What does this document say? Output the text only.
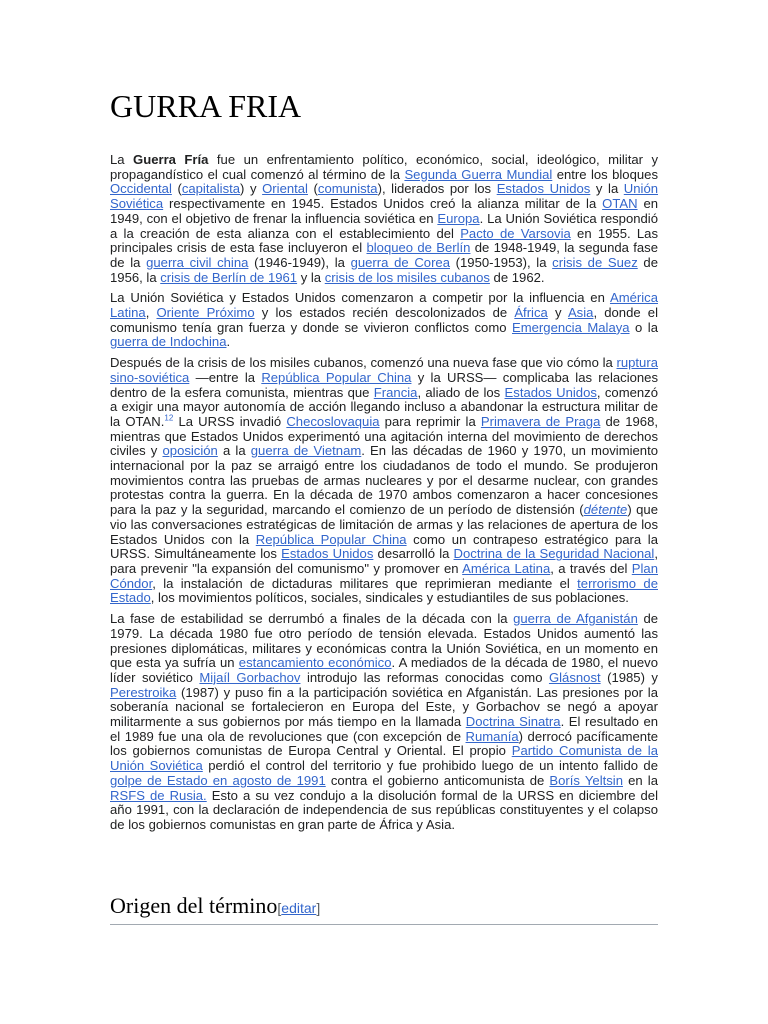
GURRA FRIA

La Guerra Fría fue un enfrentamiento político, económico, social, ideológico, militar y propagandístico el cual comenzó al término de la Segunda Guerra Mundial entre los bloques Occidental (capitalista) y Oriental (comunista), liderados por los Estados Unidos y la Unión Soviética respectivamente en 1945. Estados Unidos creó la alianza militar de la OTAN en 1949, con el objetivo de frenar la influencia soviética en Europa. La Unión Soviética respondió a la creación de esta alianza con el establecimiento del Pacto de Varsovia en 1955. Las principales crisis de esta fase incluyeron el bloqueo de Berlín de 1948-1949, la segunda fase de la guerra civil china (1946-1949), la guerra de Corea (1950-1953), la crisis de Suez de 1956, la crisis de Berlín de 1961 y la crisis de los misiles cubanos de 1962.

La Unión Soviética y Estados Unidos comenzaron a competir por la influencia en América Latina, Oriente Próximo y los estados recién descolonizados de África y Asia, donde el comunismo tenía gran fuerza y donde se vivieron conflictos como Emergencia Malaya o la guerra de Indochina.

Después de la crisis de los misiles cubanos, comenzó una nueva fase que vio cómo la ruptura sino-soviética —entre la República Popular China y la URSS— complicaba las relaciones dentro de la esfera comunista, mientras que Francia, aliado de los Estados Unidos, comenzó a exigir una mayor autonomía de acción llegando incluso a abandonar la estructura militar de la OTAN.$^{12}$ La URSS invadió Checoslovaquia para reprimir la Primavera de Praga de 1968, mientras que Estados Unidos experimentó una agitación interna del movimiento de derechos civiles y oposición a la guerra de Vietnam. En las décadas de 1960 y 1970, un movimiento internacional por la paz se arraigó entre los ciudadanos de todo el mundo. Se produjeron movimientos contra las pruebas de armas nucleares y por el desarme nuclear, con grandes protestas contra la guerra. En la década de 1970 ambos comenzaron a hacer concesiones para la paz y la seguridad, marcando el comienzo de un período de distensión (détente) que vio las conversaciones estratégicas de limitación de armas y las relaciones de apertura de los Estados Unidos con la República Popular China como un contrapeso estratégico para la URSS. Simultáneamente los Estados Unidos desarrolló la Doctrina de la Seguridad Nacional, para prevenir "la expansión del comunismo" y promover en América Latina, a través del Plan Cóndor, la instalación de dictaduras militares que reprimieran mediante el terrorismo de Estado, los movimientos políticos, sociales, sindicales y estudiantiles de sus poblaciones.

La fase de estabilidad se derrumbó a finales de la década con la guerra de Afganistán de 1979. La década 1980 fue otro período de tensión elevada. Estados Unidos aumentó las presiones diplomáticas, militares y económicas contra la Unión Soviética, en un momento en que esta ya sufría un estancamiento económico. A mediados de la década de 1980, el nuevo líder soviético Mijaíl Gorbachov introdujo las reformas conocidas como Glásnost (1985) y Perestroika (1987) y puso fin a la participación soviética en Afganistán. Las presiones por la soberanía nacional se fortalecieron en Europa del Este, y Gorbachov se negó a apoyar militarmente a sus gobiernos por más tiempo en la llamada Doctrina Sinatra. El resultado en el 1989 fue una ola de revoluciones que (con excepción de Rumanía) derrocó pacíficamente los gobiernos comunistas de Europa Central y Oriental. El propio Partido Comunista de la Unión Soviética perdió el control del territorio y fue prohibido luego de un intento fallido de golpe de Estado en agosto de 1991 contra el gobierno anticomunista de Borís Yeltsin en la RSFS de Rusia. Esto a su vez condujo a la disolución formal de la URSS en diciembre del año 1991, con la declaración de independencia de sus repúblicas constituyentes y el colapso de los gobiernos comunistas en gran parte de África y Asia.

Origen del término[editar]
